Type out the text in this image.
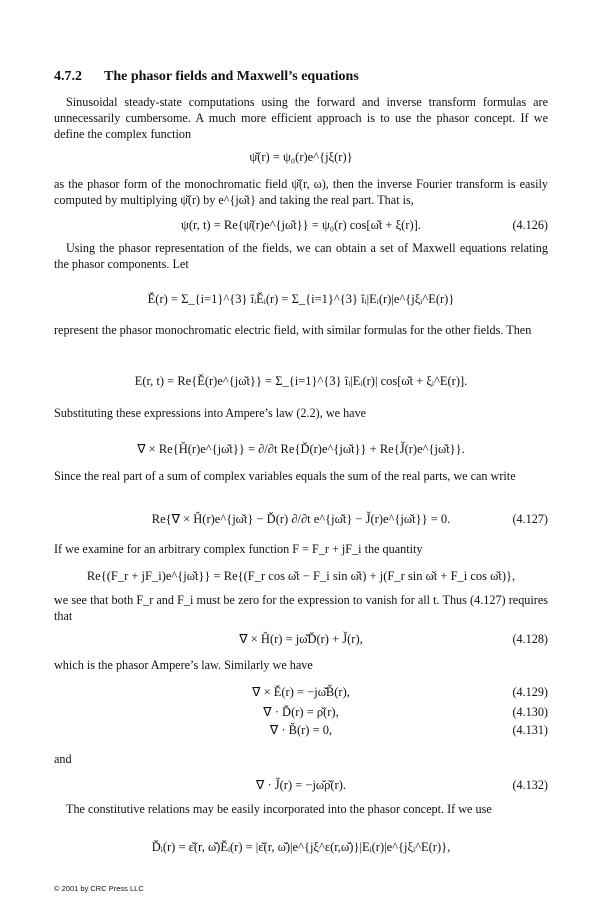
4.7.2 The phasor fields and Maxwell’s equations
Sinusoidal steady-state computations using the forward and inverse transform formulas are unnecessarily cumbersome. A much more efficient approach is to use the phasor concept. If we define the complex function
ψ̌(r) = ψ₀(r)e^{jξ(r)}
as the phasor form of the monochromatic field ψ̌(r, ω), then the inverse Fourier transform is easily computed by multiplying ψ̌(r) by e^{jω̌t} and taking the real part. That is,
ψ(r, t) = Re{ψ̌(r)e^{jω̌t}} = ψ₀(r) cos[ω̌t + ξ(r)].	(4.126)
Using the phasor representation of the fields, we can obtain a set of Maxwell equations relating the phasor components. Let
Ě(r) = Σ_{i=1}^{3} îᵢĚᵢ(r) = Σ_{i=1}^{3} îᵢ|Eᵢ(r)|e^{jξᵢ^E(r)}
represent the phasor monochromatic electric field, with similar formulas for the other fields. Then
E(r, t) = Re{Ě(r)e^{jω̌t}} = Σ_{i=1}^{3} îᵢ|Eᵢ(r)| cos[ω̌t + ξᵢ^E(r)].
Substituting these expressions into Ampere’s law (2.2), we have
∇ × Re{Ȟ(r)e^{jω̌t}} = ∂/∂t Re{Ď(r)e^{jω̌t}} + Re{J̌(r)e^{jω̌t}}.
Since the real part of a sum of complex variables equals the sum of the real parts, we can write
Re{∇ × Ȟ(r)e^{jω̌t} − Ď(r) ∂/∂t e^{jω̌t} − J̌(r)e^{jω̌t}} = 0.	(4.127)
If we examine for an arbitrary complex function F = F_r + jF_i the quantity
Re{(F_r + jF_i)e^{jω̌t}} = Re{(F_r cos ω̌t − F_i sin ω̌t) + j(F_r sin ω̌t + F_i cos ω̌t)},
we see that both F_r and F_i must be zero for the expression to vanish for all t. Thus (4.127) requires that
∇ × Ȟ(r) = jω̌Ď(r) + J̌(r),	(4.128)
which is the phasor Ampere’s law. Similarly we have
∇ × Ě(r) = −jω̌B̌(r),	(4.129)
∇ · Ď(r) = ρ̌(r),	(4.130)
∇ · B̌(r) = 0,	(4.131)
and
∇ · J̌(r) = −jω̌ρ̌(r).	(4.132)
The constitutive relations may be easily incorporated into the phasor concept. If we use
Ďᵢ(r) = ε̌(r, ω̌)Ěᵢ(r) = |ε̌(r, ω̌)|e^{jξ^ε(r,ω̌)}|Eᵢ(r)|e^{jξᵢ^E(r)},
© 2001 by CRC Press LLC
